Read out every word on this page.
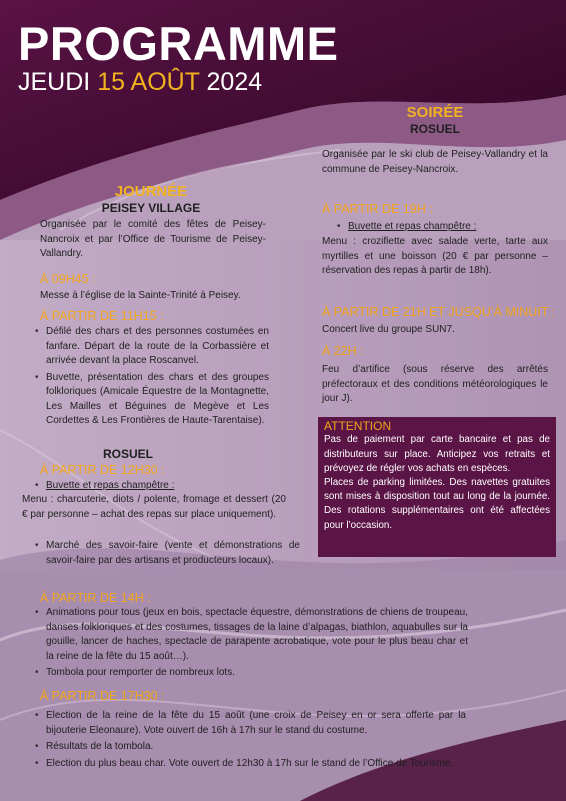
PROGRAMME
JEUDI 15 AOÛT 2024
JOURNÉE
PEISEY VILLAGE
Organisée par le comité des fêtes de Peisey-Nancroix et par l’Office de Tourisme de Peisey-Vallandry.
À 09H45 :
Messe à l’église de la Sainte-Trinité à Peisey.
À PARTIR DE 11H15 :
• Défilé des chars et des personnes costumées en fanfare. Départ de la route de la Corbassière et arrivée devant la place Roscanvel.
• Buvette, présentation des chars et des groupes folkloriques (Amicale Équestre de la Montagnette, Les Mailles et Béguines de Megève et Les Cordettes & Les Frontières de Haute-Tarentaise).
ROSUEL
À PARTIR DE 12H30 :
• Buvette et repas champêtre :
Menu : charcuterie, diots / polente, fromage et dessert (20 € par personne – achat des repas sur place uniquement).
• Marché des savoir-faire (vente et démonstrations de savoir-faire par des artisans et producteurs locaux).
À PARTIR DE 14H :
• Animations pour tous (jeux en bois, spectacle équestre, démonstrations de chiens de troupeau, danses folkloriques et des costumes, tissages de la laine d’alpagas, biathlon, aquabulles sur la gouille, lancer de haches, spectacle de parapente acrobatique, vote pour le plus beau char et la reine de la fête du 15 août…).
• Tombola pour remporter de nombreux lots.
À PARTIR DE 17H30 :
• Election de la reine de la fête du 15 août (une croix de Peisey en or sera offerte par la bijouterie Eleonaure). Vote ouvert de 16h à 17h sur le stand du costume.
• Résultats de la tombola.
• Election du plus beau char. Vote ouvert de 12h30 à 17h sur le stand de l’Office de Tourisme.
SOIRÉE
ROSUEL
Organisée par le ski club de Peisey-Vallandry et la commune de Peisey-Nancroix.
À PARTIR DE 19H :
• Buvette et repas champêtre :
Menu : croziflette avec salade verte, tarte aux myrtilles et une boisson (20 € par personne – réservation des repas à partir de 18h).
À PARTIR DE 21H ET JUSQU’À MINUIT :
Concert live du groupe SUN7.
À 22H :
Feu d’artifice (sous réserve des arrêtés préfectoraux et des conditions météorologiques le jour J).
ATTENTION
Pas de paiement par carte bancaire et pas de distributeurs sur place. Anticipez vos retraits et prévoyez de régler vos achats en espèces.
Places de parking limitées. Des navettes gratuites sont mises à disposition tout au long de la journée. Des rotations supplémentaires ont été affectées pour l’occasion.
